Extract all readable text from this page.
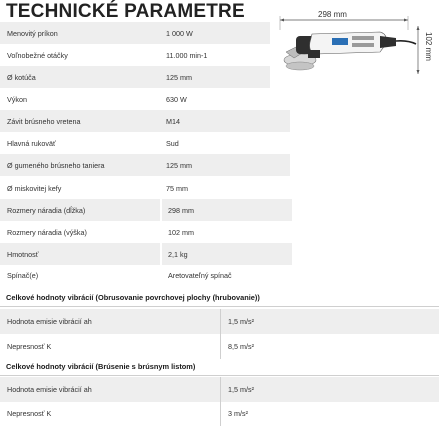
TECHNICKÉ PARAMETRE	298 mm
102 mm
Menovitý príkon	1 000 W
Voľnobežné otáčky	11.000 min-1
Ø kotúča	125 mm
Výkon	630 W
Závit brúsneho vretena	M14
Hlavná rukoväť	Sud
Ø gumeného brúsneho taniera	125 mm
Ø miskovitej kefy	75 mm
Rozmery náradia (dĺžka)	298 mm
Rozmery náradia (výška)	102 mm
Hmotnosť	2,1 kg
Spínač(e)	Aretovateľný spínač
Celkové hodnoty vibrácií (Obrusovanie povrchovej plochy (hrubovanie))
Hodnota emisie vibrácií ah	1,5 m/s²
Nepresnosť K	8,5 m/s²
Celkové hodnoty vibrácií (Brúsenie s brúsnym listom)
Hodnota emisie vibrácií ah	1,5 m/s²
Nepresnosť K	3 m/s²
